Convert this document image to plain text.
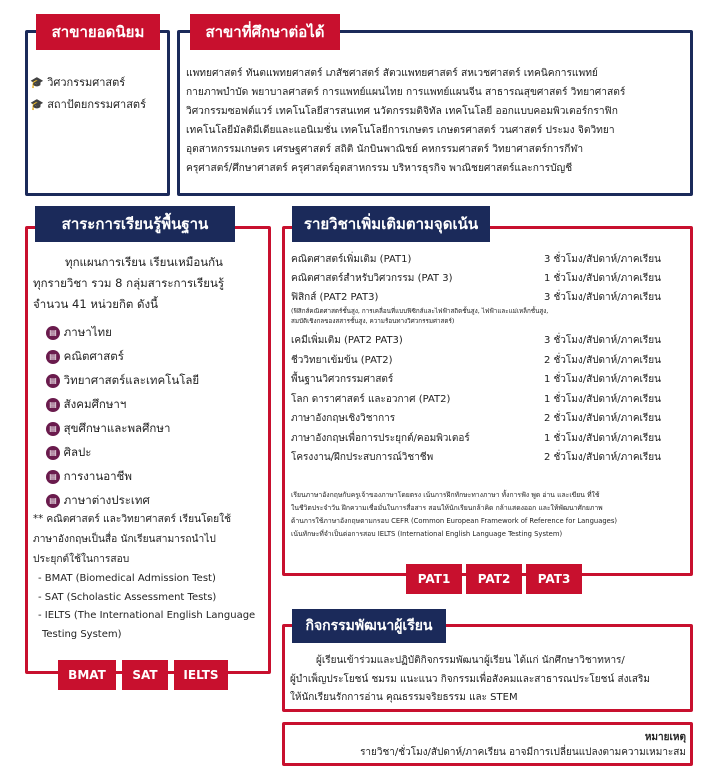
สาขายอดนิยม
🎓 วิศวกรรมศาสตร์
🎓 สถาปัตยกรรมศาสตร์
สาขาที่ศึกษาต่อได้
แพทยศาสตร์ ทันตแพทยศาสตร์ เภสัชศาสตร์ สัตวแพทยศาสตร์ สหเวชศาสตร์ เทคนิคการแพทย์
กายภาพบำบัด พยาบาลศาสตร์ การแพทย์แผนไทย การแพทย์แผนจีน สาธารณสุขศาสตร์ วิทยาศาสตร์
วิศวกรรมซอฟต์แวร์ เทคโนโลยีสารสนเทศ นวัตกรรมดิจิทัล เทคโนโลยี ออกแบบคอมพิวเตอร์กราฟิก
เทคโนโลยีมัลติมีเดียและแอนิเมชั่น เทคโนโลยีการเกษตร เกษตรศาสตร์ วนศาสตร์ ประมง จิตวิทยา
อุตสาหกรรมเกษตร เศรษฐศาสตร์ สถิติ นักบินพาณิชย์ คหกรรมศาสตร์ วิทยาศาสตร์การกีฬา
ครุศาสตร์/ศึกษาศาสตร์ ครุศาสตร์อุตสาหกรรม บริหารธุรกิจ พาณิชยศาสตร์และการบัญชี
สาระการเรียนรู้พื้นฐาน
ทุกแผนการเรียน เรียนเหมือนกัน
ทุกรายวิชา รวม 8 กลุ่มสาระการเรียนรู้
จำนวน 41 หน่วยกิต ดังนี้
▤ ภาษาไทย
▤ คณิตศาสตร์
▤ วิทยาศาสตร์และเทคโนโลยี
▤ สังคมศึกษาฯ
▤ สุขศึกษาและพลศึกษา
▤ ศิลปะ
▤ การงานอาชีพ
▤ ภาษาต่างประเทศ
** คณิตศาสตร์ และวิทยาศาสตร์ เรียนโดยใช้
ภาษาอังกฤษเป็นสื่อ นักเรียนสามารถนำไป
ประยุกต์ใช้ในการสอบ
- BMAT (Biomedical Admission Test)
- SAT (Scholastic Assessment Tests)
- IELTS (The International English Language
Testing System)
BMAT	SAT	IELTS
รายวิชาเพิ่มเติมตามจุดเน้น
คณิตศาสตร์เพิ่มเติม (PAT1)	3 ชั่วโมง/สัปดาห์/ภาคเรียน
คณิตศาสตร์สำหรับวิศวกรรม (PAT 3)	1 ชั่วโมง/สัปดาห์/ภาคเรียน
ฟิสิกส์ (PAT2 PAT3)	3 ชั่วโมง/สัปดาห์/ภาคเรียน
(ฟิสิกส์คณิตศาสตร์ชั้นสูง, การเคลื่อนที่แบบฟิซิกส์และไฟฟ้าสถิตชั้นสูง, ไฟฟ้าและแม่เหล็กชั้นสูง,
สมบัติเชิงกลของสสารชั้นสูง, ความร้อนทางวิศวกรรมศาสตร์)
เคมีเพิ่มเติม (PAT2 PAT3)	3 ชั่วโมง/สัปดาห์/ภาคเรียน
ชีววิทยาเข้มข้น (PAT2)	2 ชั่วโมง/สัปดาห์/ภาคเรียน
พื้นฐานวิศวกรรมศาสตร์	1 ชั่วโมง/สัปดาห์/ภาคเรียน
โลก ดาราศาสตร์ และอวกาศ (PAT2)	1 ชั่วโมง/สัปดาห์/ภาคเรียน
ภาษาอังกฤษเชิงวิชาการ	2 ชั่วโมง/สัปดาห์/ภาคเรียน
ภาษาอังกฤษเพื่อการประยุกต์/คอมพิวเตอร์	1 ชั่วโมง/สัปดาห์/ภาคเรียน
โครงงาน/ฝึกประสบการณ์วิชาชีพ	2 ชั่วโมง/สัปดาห์/ภาคเรียน
เรียนภาษาอังกฤษกับครูเจ้าของภาษาโดยตรง เน้นการฝึกทักษะทางภาษา ทั้งการฟัง พูด อ่าน และเขียน ที่ใช้
ในชีวิตประจำวัน ฝึกความเชื่อมั่นในการสื่อสาร สอนให้นักเรียนกล้าคิด กล้าแสดงออก และให้พัฒนาศักยภาพ
ด้านการใช้ภาษาอังกฤษตามกรอบ CEFR (Common European Framework of Reference for Languages)
เน้นทักษะที่จำเป็นต่อการสอบ IELTS (International English Language Testing System)
PAT1	PAT2	PAT3
กิจกรรมพัฒนาผู้เรียน
ผู้เรียนเข้าร่วมและปฏิบัติกิจกรรมพัฒนาผู้เรียน ได้แก่ นักศึกษาวิชาทหาร/
ผู้บำเพ็ญประโยชน์ ชมรม แนะแนว กิจกรรมเพื่อสังคมและสาธารณประโยชน์ ส่งเสริม
ให้นักเรียนรักการอ่าน คุณธรรมจริยธรรม และ STEM
หมายเหตุ
รายวิชา/ชั่วโมง/สัปดาห์/ภาคเรียน อาจมีการเปลี่ยนแปลงตามความเหมาะสม
